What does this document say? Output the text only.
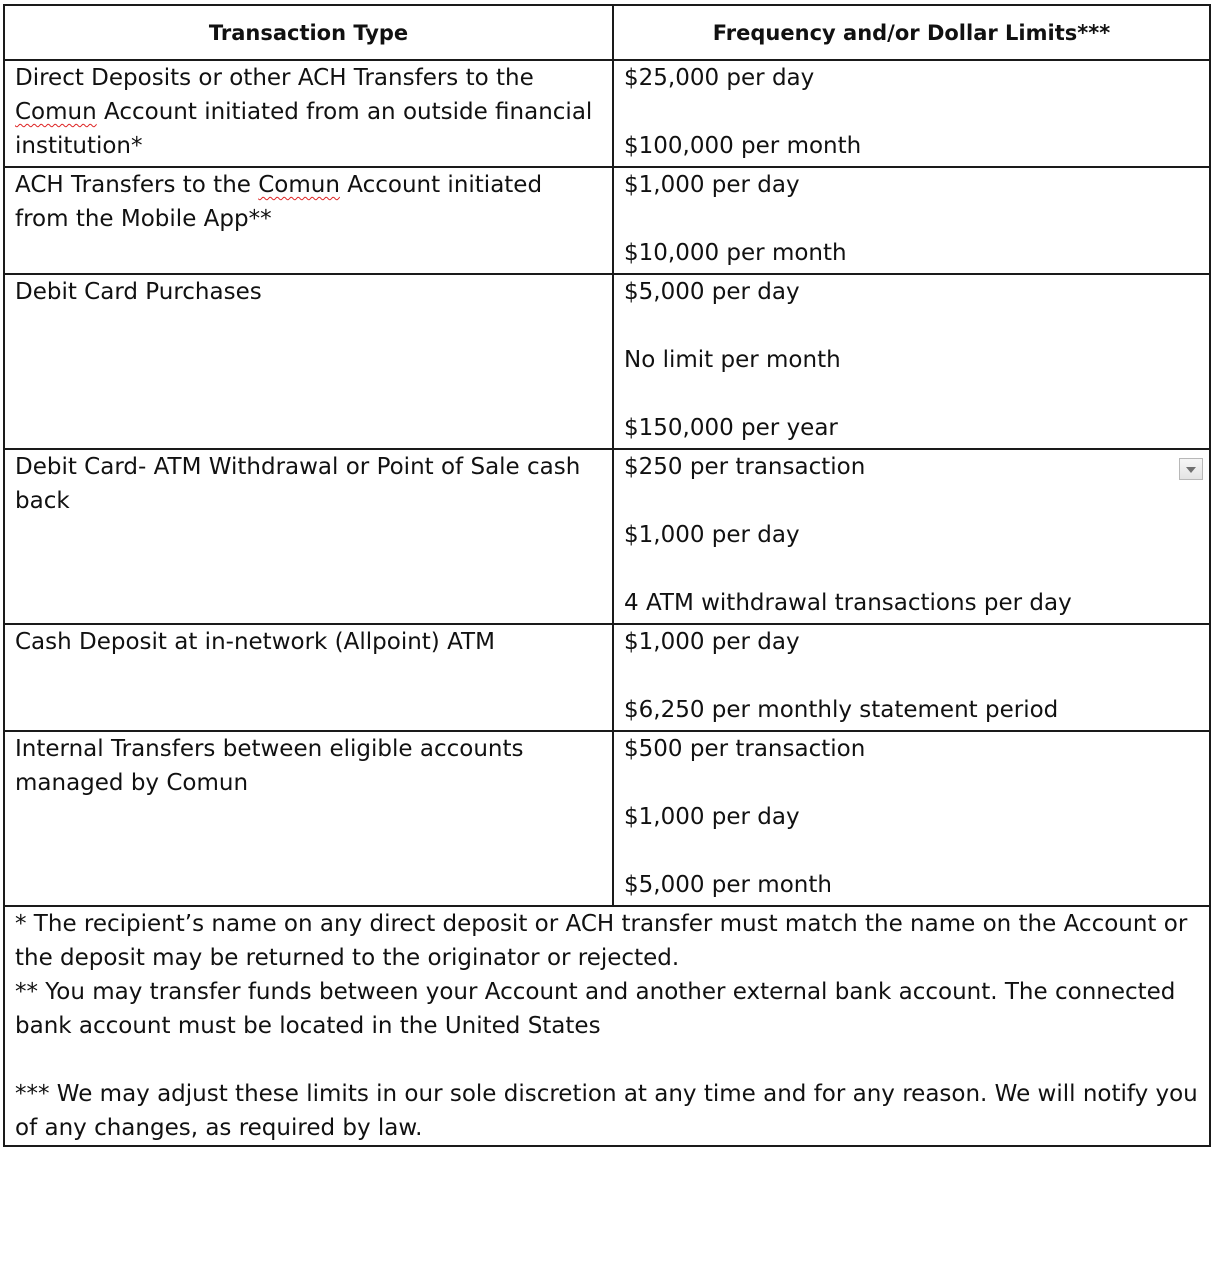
Transaction Type	Frequency and/or Dollar Limits***
Direct Deposits or other ACH Transfers to the Comun Account initiated from an outside financial institution*	$25,000 per day
$100,000 per month

ACH Transfers to the Comun Account initiated from the Mobile App**	$1,000 per day
$10,000 per month

Debit Card Purchases	$5,000 per day
No limit per month
$150,000 per year

Debit Card- ATM Withdrawal or Point of Sale cash back	$250 per transaction
$1,000 per day
4 ATM withdrawal transactions per day

Cash Deposit at in-network (Allpoint) ATM	$1,000 per day
$6,250 per monthly statement period

Internal Transfers between eligible accounts managed by Comun	$500 per transaction
$1,000 per day
$5,000 per month

* The recipient’s name on any direct deposit or ACH transfer must match the name on the Account or the deposit may be returned to the originator or rejected.
** You may transfer funds between your Account and another external bank account. The connected bank account must be located in the United States
*** We may adjust these limits in our sole discretion at any time and for any reason. We will notify you of any changes, as required by law.	
